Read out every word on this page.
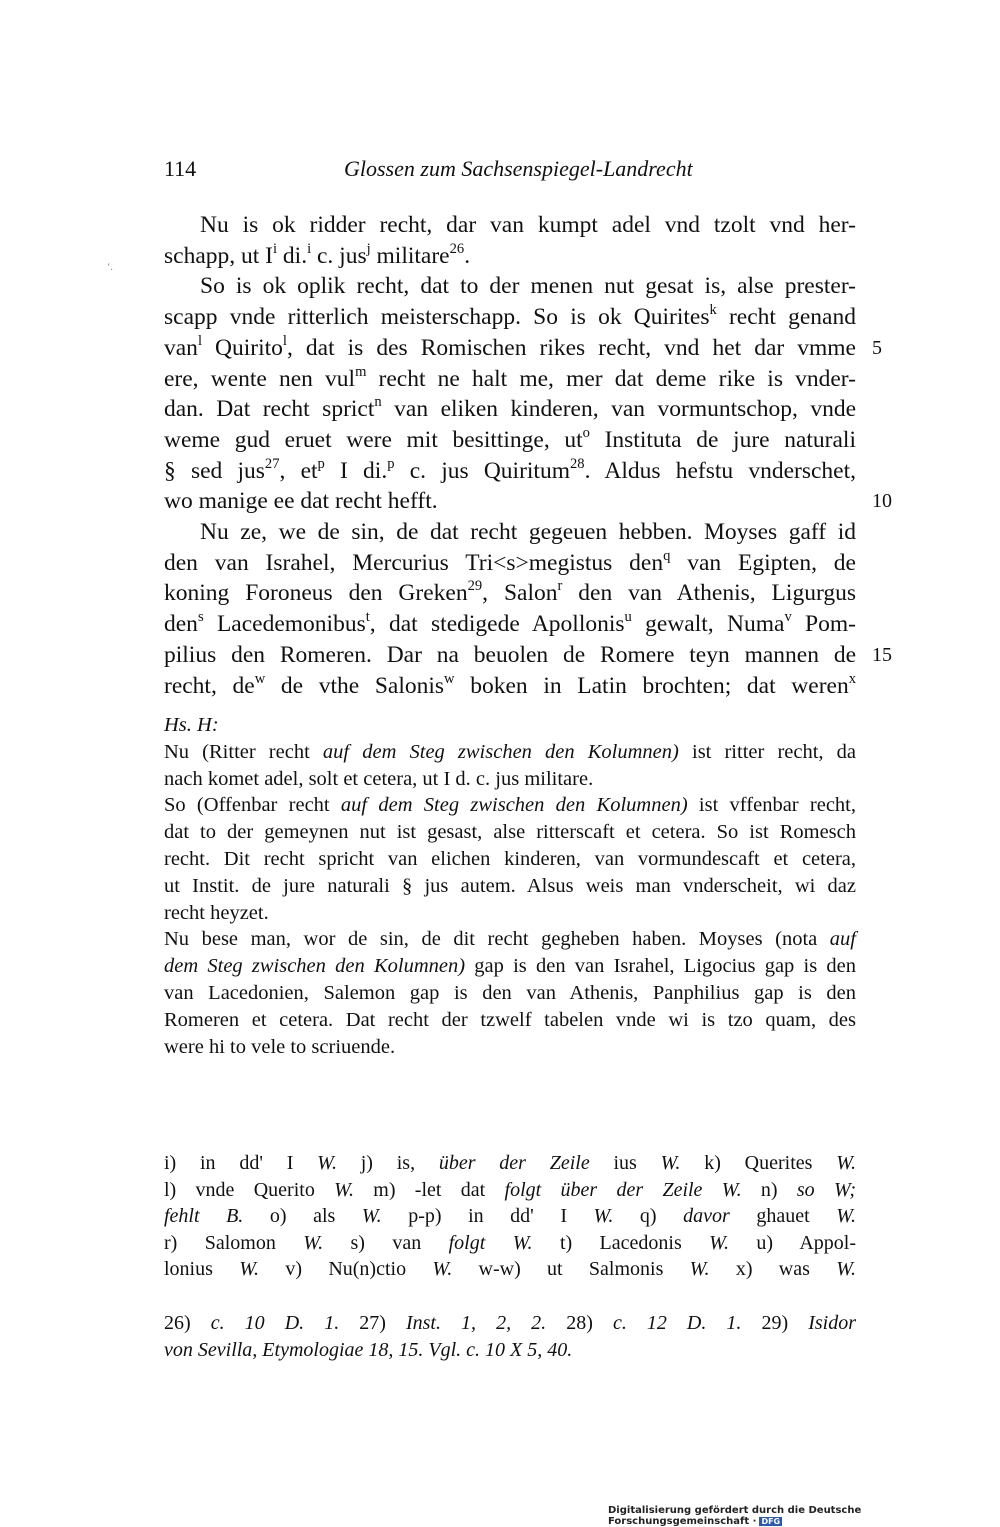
114	Glossen zum Sachsenspiegel-Landrecht
‘.
Nu is ok ridder recht, dar van kumpt adel vnd tzolt vnd her-
schapp, ut $I^i$ di.$^i$ c. jus$^j$ militare$^{26}$.
So is ok oplik recht, dat to der menen nut gesat is, alse prester-
scapp vnde ritterlich meisterschapp. So is ok Quirites$^k$ recht genand
van$^l$ Quirito$^l$, dat is des Romischen rikes recht, vnd het dar vmme 5
ere, wente nen vul$^m$ recht ne halt me, mer dat deme rike is vnder-
dan. Dat recht sprict$^n$ van eliken kinderen, van vormuntschop, vnde
weme gud eruet were mit besittinge, $ut^o$ Instituta de jure naturali
§ sed jus$^{27}$, $et^p$ I di.$^p$ c. jus Quiritum$^{28}$. Aldus hefstu vnderschet,
wo manige ee dat recht hefft.	10
Nu ze, we de sin, de dat recht gegeuen hebben. Moyses gaff id
den van Israhel, Mercurius Tri<s>megistus den$^q$ van Egipten, de
koning Foroneus den Greken$^{29}$, Salon$^r$ den van Athenis, Ligurgus
den$^s$ Lacedemonibus$^t$, dat stedigede Apollonis$^u$ gewalt, Numa$^v$ Pom-
pilius den Romeren. Dar na beuolen de Romere teyn mannen de 15
recht, $de^w$ de vthe Salonis$^w$ boken in Latin brochten; dat weren$^x$
Hs. H:
Nu (Ritter recht auf dem Steg zwischen den Kolumnen) ist ritter recht, da
nach komet adel, solt et cetera, ut I d. c. jus militare.
So (Offenbar recht auf dem Steg zwischen den Kolumnen) ist vffenbar recht,
dat to der gemeynen nut ist gesast, alse ritterscaft et cetera. So ist Romesch
recht. Dit recht spricht van elichen kinderen, van vormundescaft et cetera,
ut Instit. de jure naturali § jus autem. Alsus weis man vnderscheit, wi daz
recht heyzet.
Nu bese man, wor de sin, de dit recht gegheben haben. Moyses (nota auf
dem Steg zwischen den Kolumnen) gap is den van Israhel, Ligocius gap is den
van Lacedonien, Salemon gap is den van Athenis, Panphilius gap is den
Romeren et cetera. Dat recht der tzwelf tabelen vnde wi is tzo quam, des
were hi to vele to scriuende.
i) in dd' I W. j) is, über der Zeile ius W. k) Querites W.
l) vnde Querito W. m) -let dat folgt über der Zeile W. n) so W;
fehlt B. o) als W. p-p) in dd' I W. q) davor ghauet W.
r) Salomon W. s) van folgt W. t) Lacedonis W. u) Appol-
lonius W. v) Nu(n)ctio W. w-w) ut Salmonis W. x) was W.
26) c. 10 D. 1. 27) Inst. 1, 2, 2. 28) c. 12 D. 1. 29) Isidor
von Sevilla, Etymologiae 18, 15. Vgl. c. 10 X 5, 40.
Digitalisierung gefördert durch die Deutsche Forschungsgemeinschaft · DFG
